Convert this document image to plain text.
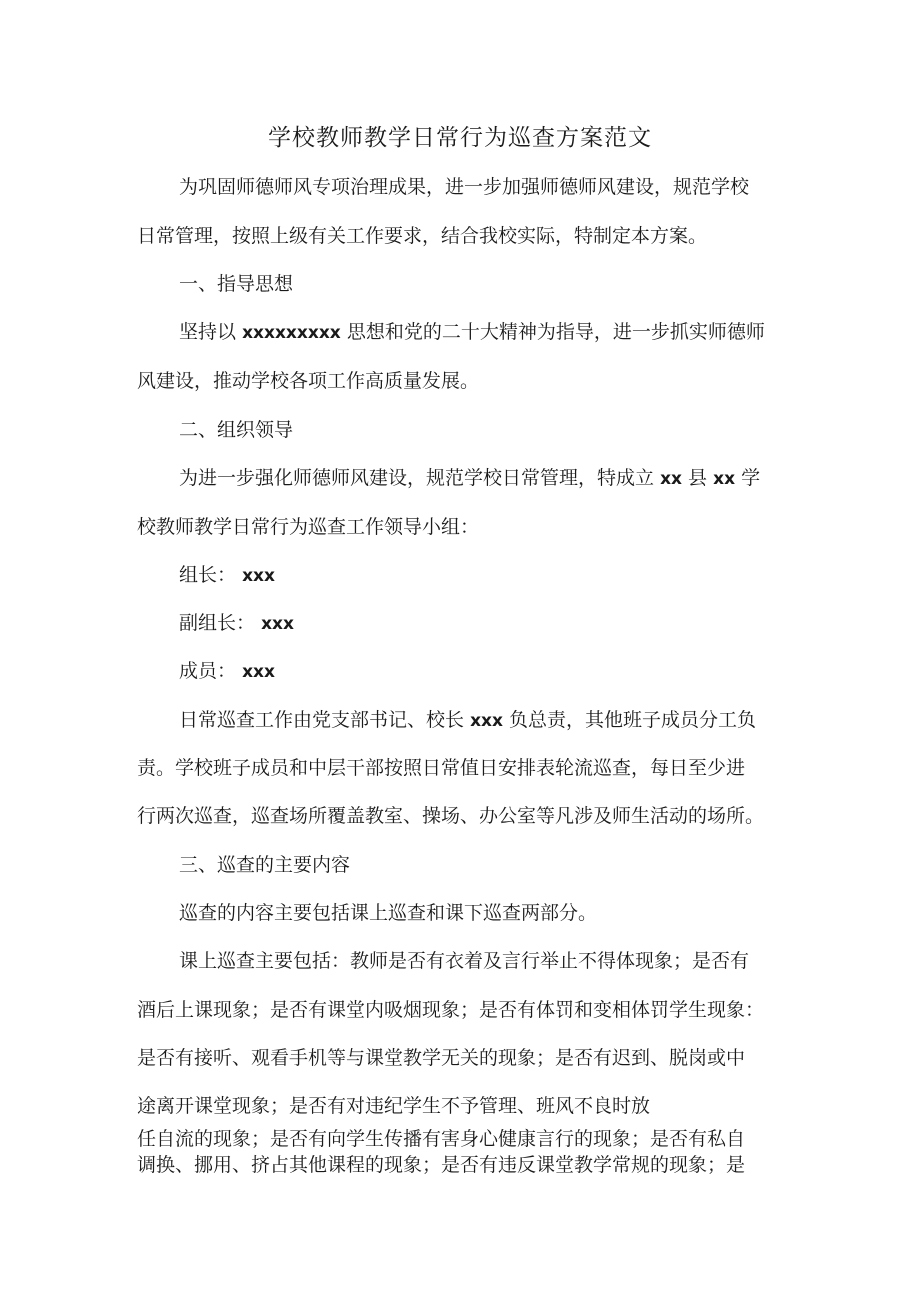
学校教师教学日常行为巡查方案范文
为巩固师德师风专项治理成果，进一步加强师德师风建设，规范学校
日常管理，按照上级有关工作要求，结合我校实际，特制定本方案。
一、指导思想
坚持以 xxxxxxxxx 思想和党的二十大精神为指导，进一步抓实师德师
风建设，推动学校各项工作高质量发展。
二、组织领导
为进一步强化师德师风建设，规范学校日常管理，特成立 xx 县 xx 学
校教师教学日常行为巡查工作领导小组：
组长： xxx
副组长： xxx
成员： xxx
日常巡查工作由党支部书记、校长 xxx 负总责，其他班子成员分工负
责。学校班子成员和中层干部按照日常值日安排表轮流巡查，每日至少进
行两次巡查，巡查场所覆盖教室、操场、办公室等凡涉及师生活动的场所。
三、巡查的主要内容
巡查的内容主要包括课上巡查和课下巡查两部分。
课上巡查主要包括：教师是否有衣着及言行举止不得体现象；是否有
酒后上课现象；是否有课堂内吸烟现象；是否有体罚和变相体罚学生现象：
是否有接听、观看手机等与课堂教学无关的现象；是否有迟到、脱岗或中
途离开课堂现象；是否有对违纪学生不予管理、班风不良时放
任自流的现象；是否有向学生传播有害身心健康言行的现象；是否有私自
调换、挪用、挤占其他课程的现象；是否有违反课堂教学常规的现象；是
